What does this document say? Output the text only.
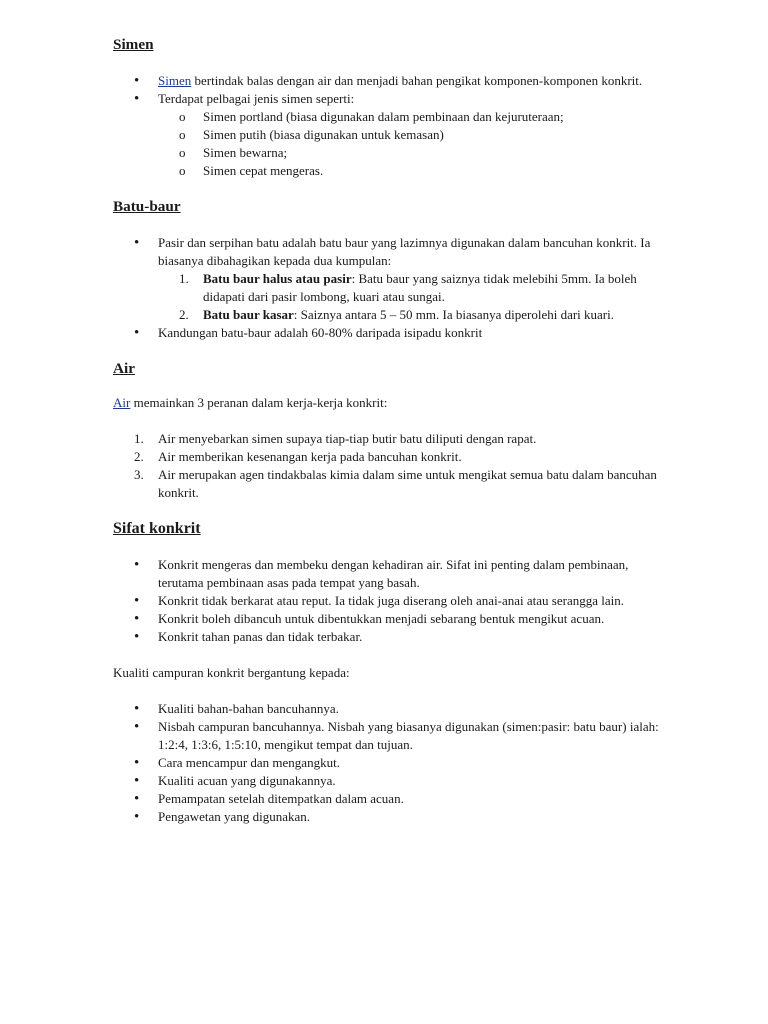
Simen
• Simen bertindak balas dengan air dan menjadi bahan pengikat komponen-komponen konkrit.
• Terdapat pelbagai jenis simen seperti:
o Simen portland (biasa digunakan dalam pembinaan dan kejuruteraan;
o Simen putih (biasa digunakan untuk kemasan)
o Simen bewarna;
o Simen cepat mengeras.
Batu-baur
• Pasir dan serpihan batu adalah batu baur yang lazimnya digunakan dalam bancuhan konkrit. Ia biasanya dibahagikan kepada dua kumpulan:
1. Batu baur halus atau pasir: Batu baur yang saiznya tidak melebihi 5mm. Ia boleh didapati dari pasir lombong, kuari atau sungai.
2. Batu baur kasar: Saiznya antara 5 – 50 mm. Ia biasanya diperolehi dari kuari.
• Kandungan batu-baur adalah 60-80% daripada isipadu konkrit
Air

Air memainkan 3 peranan dalam kerja-kerja konkrit:

1. Air menyebarkan simen supaya tiap-tiap butir batu diliputi dengan rapat.
2. Air memberikan kesenangan kerja pada bancuhan konkrit.
3. Air merupakan agen tindakbalas kimia dalam sime untuk mengikat semua batu dalam bancuhan konkrit.
Sifat konkrit
• Konkrit mengeras dan membeku dengan kehadiran air. Sifat ini penting dalam pembinaan, terutama pembinaan asas pada tempat yang basah.
• Konkrit tidak berkarat atau reput. Ia tidak juga diserang oleh anai-anai atau serangga lain.
• Konkrit boleh dibancuh untuk dibentukkan menjadi sebarang bentuk mengikut acuan.
• Konkrit tahan panas dan tidak terbakar.

Kualiti campuran konkrit bergantung kepada:

• Kualiti bahan-bahan bancuhannya.
• Nisbah campuran bancuhannya. Nisbah yang biasanya digunakan (simen:pasir: batu baur) ialah: 1:2:4, 1:3:6, 1:5:10, mengikut tempat dan tujuan.
• Cara mencampur dan mengangkut.
• Kualiti acuan yang digunakannya.
• Pemampatan setelah ditempatkan dalam acuan.
• Pengawetan yang digunakan.
